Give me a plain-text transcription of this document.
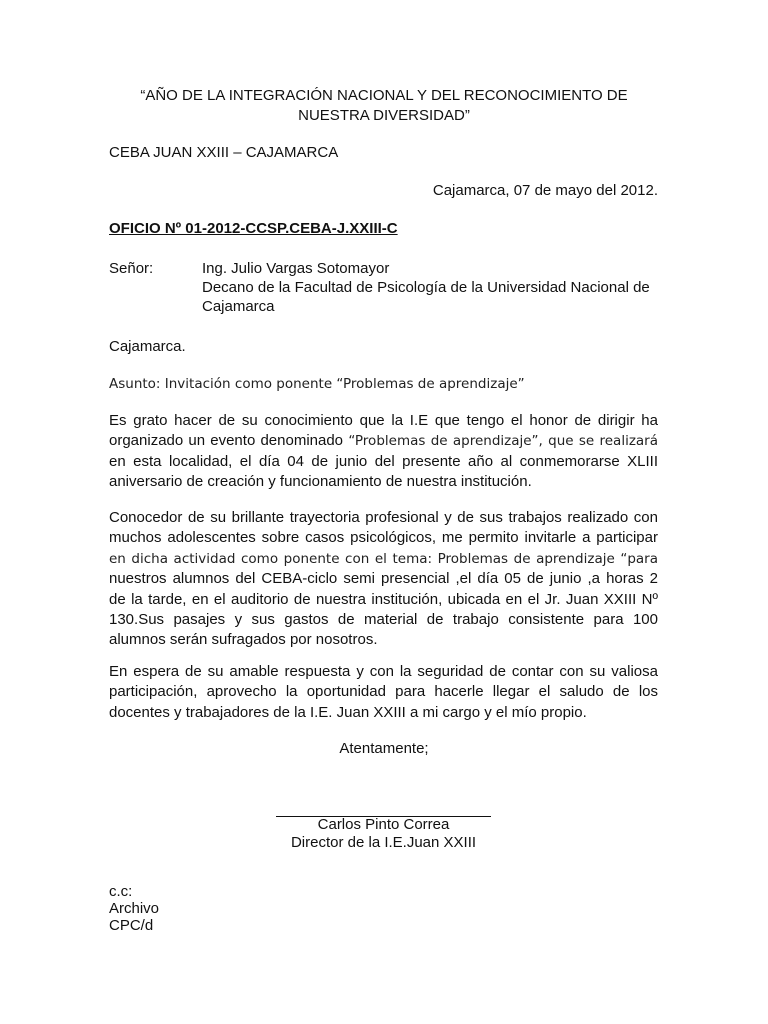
“AÑO DE LA INTEGRACIÓN NACIONAL Y DEL RECONOCIMIENTO DE

NUESTRA DIVERSIDAD”

CEBA JUAN XXIII – CAJAMARCA

Cajamarca, 07 de mayo del 2012.

OFICIO Nº 01-2012-CCSP.CEBA-J.XXIII-C

Señor:	Ing. Julio Vargas Sotomayor

Decano de la Facultad de Psicología de la Universidad Nacional de

Cajamarca

Cajamarca.

Asunto: Invitación como ponente “Problemas de aprendizaje”

Es grato hacer de su conocimiento que la I.E que tengo el honor de dirigir ha
organizado un evento denominado “Problemas de aprendizaje”, que se realizará
en esta localidad, el día 04 de junio del presente año al conmemorarse XLIII
aniversario de creación y funcionamiento de nuestra institución.
Conocedor de su brillante trayectoria profesional y de sus trabajos realizado con
muchos adolescentes sobre casos psicológicos, me permito invitarle a participar
en dicha actividad como ponente con el tema: Problemas de aprendizaje “para
nuestros alumnos del CEBA-ciclo semi presencial ,el día 05 de junio ,a horas 2
de la tarde, en el auditorio de nuestra institución, ubicada en el Jr. Juan XXIII Nº
130.Sus pasajes y sus gastos de material de trabajo consistente para 100
alumnos serán sufragados por nosotros.
En espera de su amable respuesta y con la seguridad de contar con su valiosa
participación, aprovecho la oportunidad para hacerle llegar el saludo de los
docentes y trabajadores de la I.E. Juan XXIII a mi cargo y el mío propio.

Atentamente;

Carlos Pinto Correa

Director de la I.E.Juan XXIII

c.c:

Archivo

CPC/d
